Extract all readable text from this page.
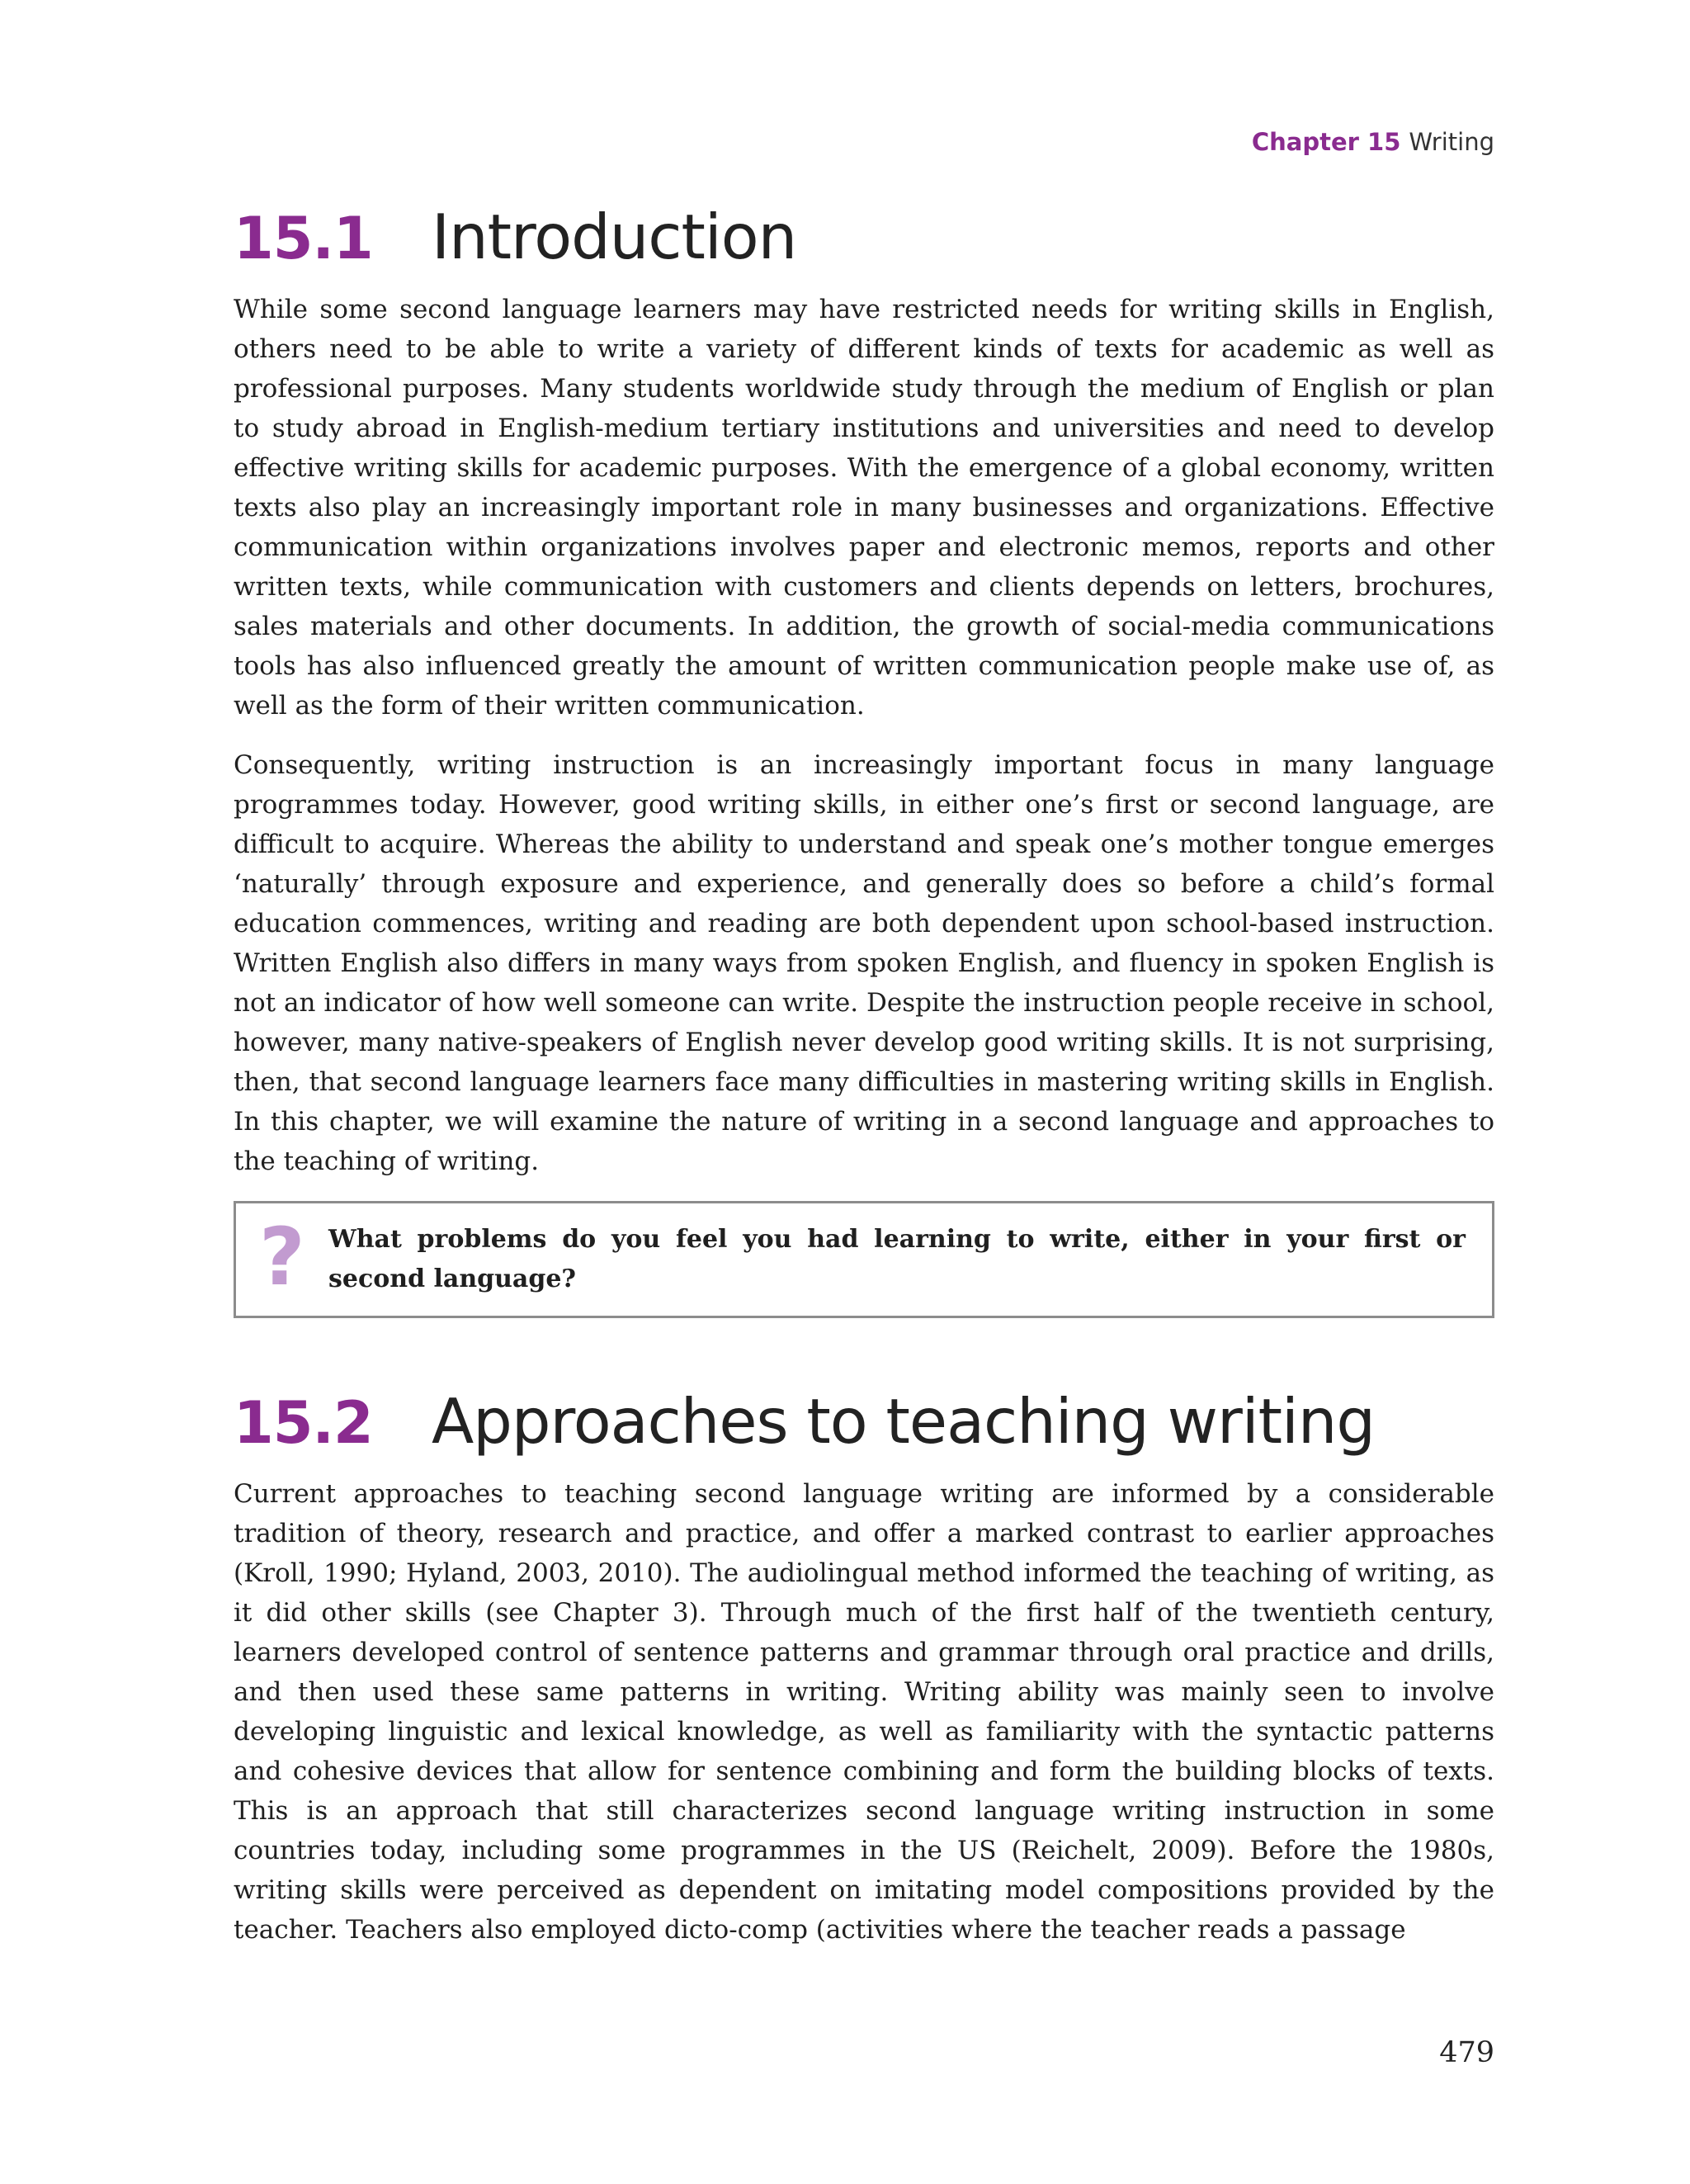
Chapter 15 Writing
15.1 Introduction

While some second language learners may have restricted needs for writing skills in English, others need to be able to write a variety of different kinds of texts for academic as well as professional purposes. Many students worldwide study through the medium of English or plan to study abroad in English-medium tertiary institutions and universities and need to develop effective writing skills for academic purposes. With the emergence of a global economy, written texts also play an increasingly important role in many businesses and organizations. Effective communication within organizations involves paper and electronic memos, reports and other written texts, while communication with customers and clients depends on letters, brochures, sales materials and other documents. In addition, the growth of social-media communications tools has also influenced greatly the amount of written communication people make use of, as well as the form of their written communication.

Consequently, writing instruction is an increasingly important focus in many language programmes today. However, good writing skills, in either one’s first or second language, are difficult to acquire. Whereas the ability to understand and speak one’s mother tongue emerges ‘naturally’ through exposure and experience, and generally does so before a child’s formal education commences, writing and reading are both dependent upon school-based instruction. Written English also differs in many ways from spoken English, and fluency in spoken English is not an indicator of how well someone can write. Despite the instruction people receive in school, however, many native-speakers of English never develop good writing skills. It is not surprising, then, that second language learners face many difficulties in mastering writing skills in English. In this chapter, we will examine the nature of writing in a second language and approaches to the teaching of writing.

? What problems do you feel you had learning to write, either in your first or second language?
15.2 Approaches to teaching writing

Current approaches to teaching second language writing are informed by a considerable tradition of theory, research and practice, and offer a marked contrast to earlier approaches (Kroll, 1990; Hyland, 2003, 2010). The audiolingual method informed the teaching of writing, as it did other skills (see Chapter 3). Through much of the first half of the twentieth century, learners developed control of sentence patterns and grammar through oral practice and drills, and then used these same patterns in writing. Writing ability was mainly seen to involve developing linguistic and lexical knowledge, as well as familiarity with the syntactic patterns and cohesive devices that allow for sentence combining and form the building blocks of texts. This is an approach that still characterizes second language writing instruction in some countries today, including some programmes in the US (Reichelt, 2009). Before the 1980s, writing skills were perceived as dependent on imitating model compositions provided by the teacher. Teachers also employed dicto-comp (activities where the teacher reads a passage

479
